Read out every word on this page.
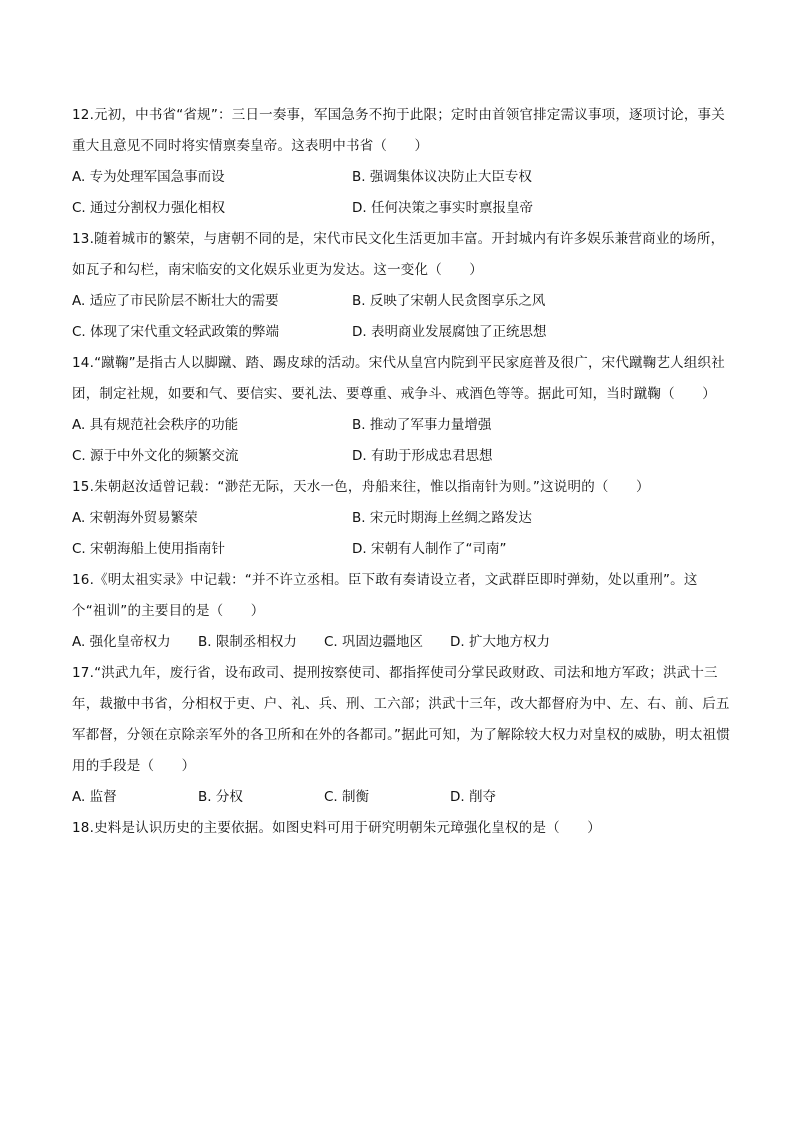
12.元初，中书省“省规”：三日一奏事，军国急务不拘于此限；定时由首领官排定需议事项，逐项讨论，事关重大且意见不同时将实情禀奏皇帝。这表明中书省（　　）

A. 专为处理军国急事而设	B. 强调集体议决防止大臣专权
C. 通过分割权力强化相权	D. 任何决策之事实时禀报皇帝

13.随着城市的繁荣，与唐朝不同的是，宋代市民文化生活更加丰富。开封城内有许多娱乐兼营商业的场所，如瓦子和勾栏，南宋临安的文化娱乐业更为发达。这一变化（　　）

A. 适应了市民阶层不断壮大的需要	B. 反映了宋朝人民贪图享乐之风
C. 体现了宋代重文轻武政策的弊端	D. 表明商业发展腐蚀了正统思想

14.“蹴鞠”是指古人以脚蹴、踏、踢皮球的活动。宋代从皇宫内院到平民家庭普及很广，宋代蹴鞠艺人组织社团，制定社规，如要和气、要信实、要礼法、要尊重、戒争斗、戒酒色等等。据此可知，当时蹴鞠（　　）

A. 具有规范社会秩序的功能	B. 推动了军事力量增强
C. 源于中外文化的频繁交流	D. 有助于形成忠君思想

15.朱朝赵汝适曾记载：“渺茫无际，天水一色，舟船来往，惟以指南针为则。”这说明的（　　）

A. 宋朝海外贸易繁荣	B. 宋元时期海上丝绸之路发达
C. 宋朝海船上使用指南针	D. 宋朝有人制作了“司南”

16.《明太祖实录》中记载：“并不许立丞相。臣下敢有奏请设立者，文武群臣即时弹劾，处以重刑”。这个“祖训”的主要目的是（　　）

A. 强化皇帝权力	B. 限制丞相权力	C. 巩固边疆地区	D. 扩大地方权力

17.“洪武九年，废行省，设布政司、提刑按察使司、都指挥使司分掌民政财政、司法和地方军政；洪武十三年，裁撤中书省，分相权于吏、户、礼、兵、刑、工六部；洪武十三年，改大都督府为中、左、右、前、后五军都督，分领在京除亲军外的各卫所和在外的各都司。”据此可知，为了解除较大权力对皇权的威胁，明太祖惯用的手段是（　　）

A. 监督	B. 分权	C. 制衡	D. 削夺

18.史料是认识历史的主要依据。如图史料可用于研究明朝朱元璋强化皇权的是（　　）
